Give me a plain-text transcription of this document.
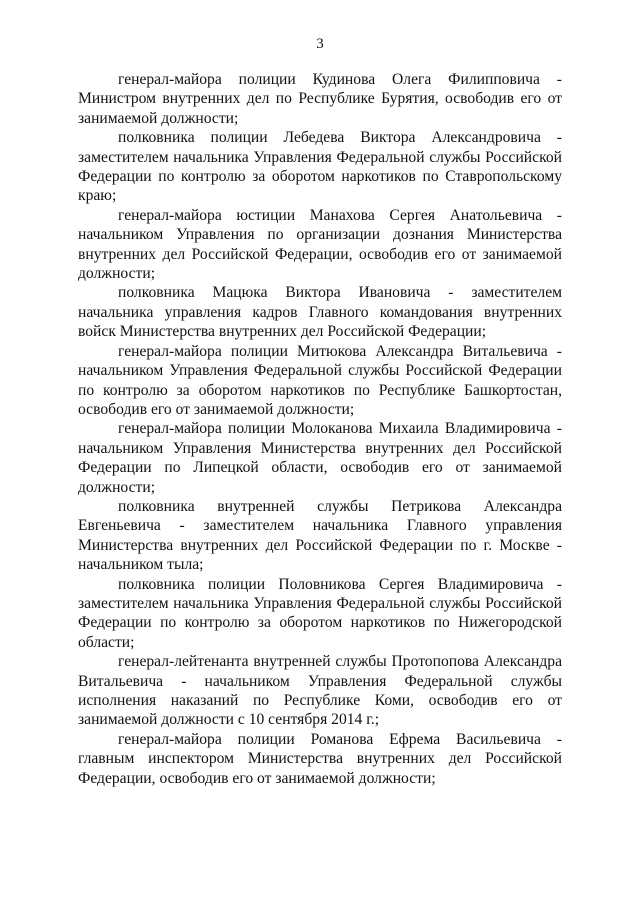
3

генерал-майора полиции Кудинова Олега Филипповича - Министром внутренних дел по Республике Бурятия, освободив его от занимаемой должности;

полковника полиции Лебедева Виктора Александровича - заместителем начальника Управления Федеральной службы Российской Федерации по контролю за оборотом наркотиков по Ставропольскому краю;

генерал-майора юстиции Манахова Сергея Анатольевича - начальником Управления по организации дознания Министерства внутренних дел Российской Федерации, освободив его от занимаемой должности;

полковника Мацюка Виктора Ивановича - заместителем начальника управления кадров Главного командования внутренних войск Министерства внутренних дел Российской Федерации;

генерал-майора полиции Митюкова Александра Витальевича - начальником Управления Федеральной службы Российской Федерации по контролю за оборотом наркотиков по Республике Башкортостан, освободив его от занимаемой должности;

генерал-майора полиции Молоканова Михаила Владимировича - начальником Управления Министерства внутренних дел Российской Федерации по Липецкой области, освободив его от занимаемой должности;

полковника внутренней службы Петрикова Александра Евгеньевича - заместителем начальника Главного управления Министерства внутренних дел Российской Федерации по г. Москве - начальником тыла;

полковника полиции Половникова Сергея Владимировича - заместителем начальника Управления Федеральной службы Российской Федерации по контролю за оборотом наркотиков по Нижегородской области;

генерал-лейтенанта внутренней службы Протопопова Александра Витальевича - начальником Управления Федеральной службы исполнения наказаний по Республике Коми, освободив его от занимаемой должности с 10 сентября 2014 г.;

генерал-майора полиции Романова Ефрема Васильевича - главным инспектором Министерства внутренних дел Российской Федерации, освободив его от занимаемой должности;
